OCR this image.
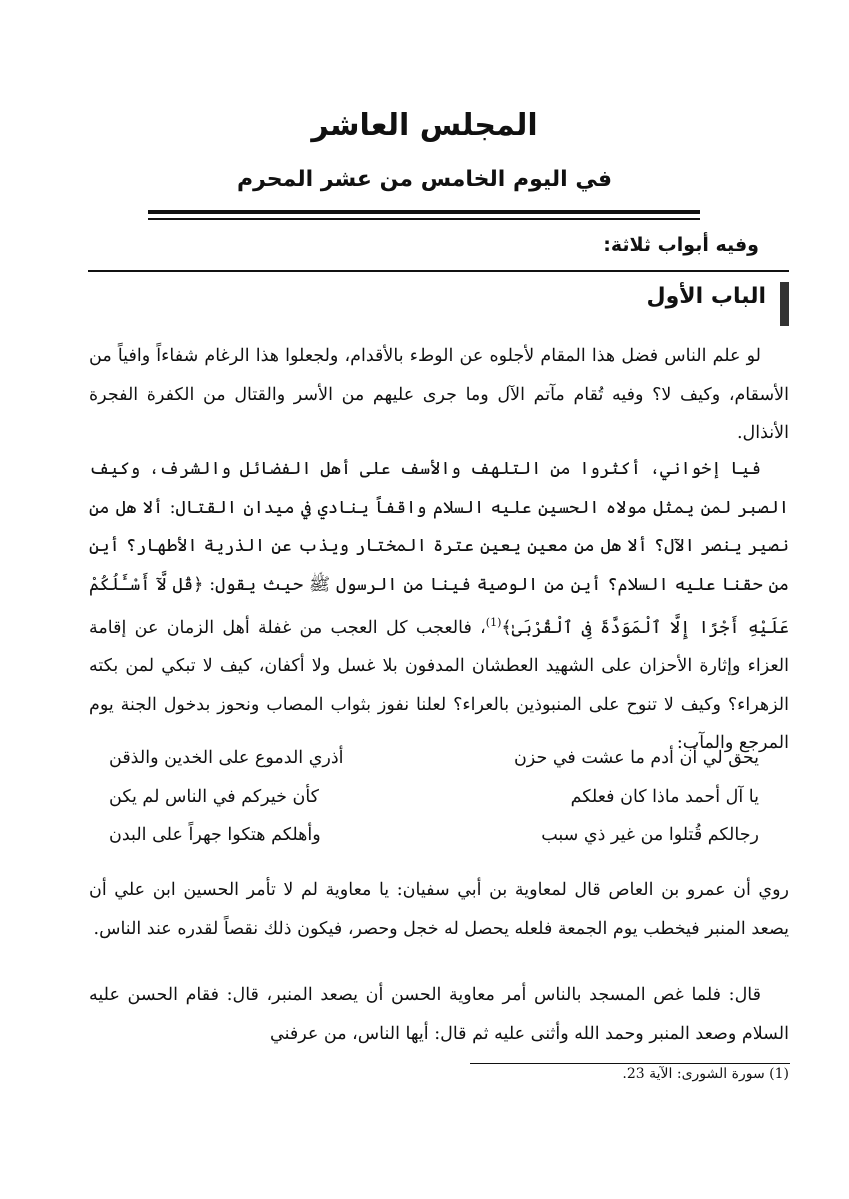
المجلس العاشر
في اليوم الخامس من عشر المحرم
وفيه أبواب ثلاثة:
الباب الأول
لو علم الناس فضل هذا المقام لأجلوه عن الوطء بالأقدام، ولجعلوا هذا الرغام شفاءاً وافياً من الأسقام، وكيف لا؟ وفيه تُقام مآتم الآل وما جرى عليهم من الأسر والقتال من الكفرة الفجرة الأنذال.
فيا إخواني، أكثروا من التلهف والأسف على أهل الفضائل والشرف، وكيف الصبر لمن يمثل مولاه الحسين عليه السلام واقفاً ينادي في ميدان القتال: ألا هل من نصير ينصر الآل؟ ألا هل من معين يعين عترة المختار ويذب عن الذرية الأطهار؟ أين من حقنا عليه السلام؟ أين من الوصية فينا من الرسول ﷺ حيث يقول: ﴿قُل لَّآ أَسْـَٔلُكُمْ عَلَيْهِ أَجْرًا إِلَّا ٱلْمَوَدَّةَ فِى ٱلْقُرْبَىٰ﴾$^{(1)}$، فالعجب كل العجب من غفلة أهل الزمان عن إقامة العزاء وإثارة الأحزان على الشهيد العطشان المدفون بلا غسل ولا أكفان، كيف لا تبكي لمن بكته الزهراء؟ وكيف لا تنوح على المنبوذين بالعراء؟ لعلنا نفوز بثواب المصاب ونحوز بدخول الجنة يوم المرجع والمآب:
يحق لي أن أدم ما عشت في حزن
أذري الدموع على الخدين والذقن
يا آل أحمد ماذا كان فعلكم
كأن خيركم في الناس لم يكن
رجالكم قُتلوا من غير ذي سبب
وأهلكم هتكوا جهراً على البدن
روي أن عمرو بن العاص قال لمعاوية بن أبي سفيان: يا معاوية لم لا تأمر الحسين ابن علي أن يصعد المنبر فيخطب يوم الجمعة فلعله يحصل له خجل وحصر، فيكون ذلك نقصاً لقدره عند الناس.
قال: فلما غص المسجد بالناس أمر معاوية الحسن أن يصعد المنبر، قال: فقام الحسن عليه السلام وصعد المنبر وحمد الله وأثنى عليه ثم قال: أيها الناس، من عرفني
(1) سورة الشورى: الآية 23.
